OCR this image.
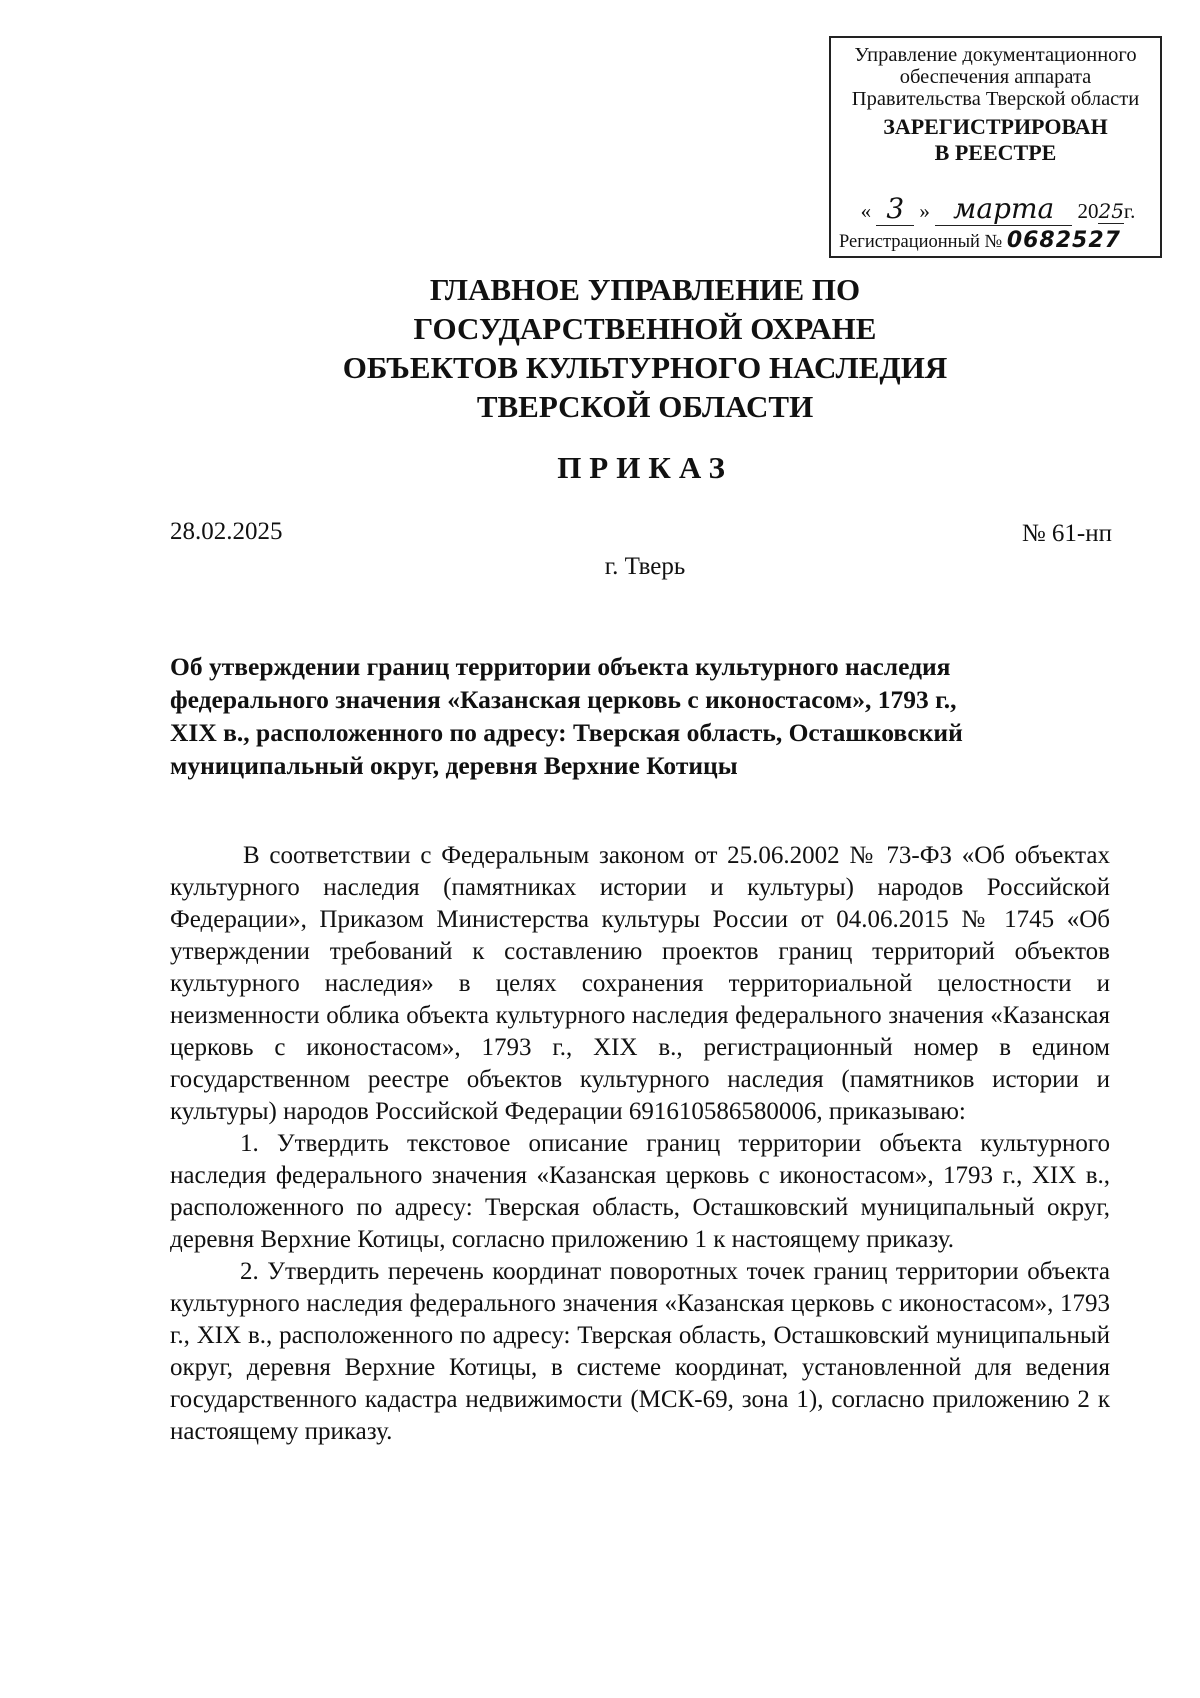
Управление документационного
обеспечения аппарата
Правительства Тверской области
ЗАРЕГИСТРИРОВАН
В РЕЕСТРЕ
« 3 » марта 2025г.
Регистрационный № 0682527
ГЛАВНОЕ УПРАВЛЕНИЕ ПО
ГОСУДАРСТВЕННОЙ ОХРАНЕ
ОБЪЕКТОВ КУЛЬТУРНОГО НАСЛЕДИЯ
ТВЕРСКОЙ ОБЛАСТИ
ПРИКАЗ
28.02.2025	№ 61-нп
г. Тверь
Об утверждении границ территории объекта культурного наследия
федерального значения «Казанская церковь с иконостасом», 1793 г.,
XIX в., расположенного по адресу: Тверская область, Осташковский
муниципальный округ, деревня Верхние Котицы

В соответствии с Федеральным законом от 25.06.2002 № 73-ФЗ «Об объектах культурного наследия (памятниках истории и культуры) народов Российской Федерации», Приказом Министерства культуры России от 04.06.2015 № 1745 «Об утверждении требований к составлению проектов границ территорий объектов культурного наследия» в целях сохранения территориальной целостности и неизменности облика объекта культурного наследия федерального значения «Казанская церковь с иконостасом», 1793 г., XIX в., регистрационный номер в едином государственном реестре объектов культурного наследия (памятников истории и культуры) народов Российской Федерации 691610586580006, приказываю:

1. Утвердить текстовое описание границ территории объекта культурного наследия федерального значения «Казанская церковь с иконостасом», 1793 г., XIX в., расположенного по адресу: Тверская область, Осташковский муниципальный округ, деревня Верхние Котицы, согласно приложению 1 к настоящему приказу.

2. Утвердить перечень координат поворотных точек границ территории объекта культурного наследия федерального значения «Казанская церковь с иконостасом», 1793 г., XIX в., расположенного по адресу: Тверская область, Осташковский муниципальный округ, деревня Верхние Котицы, в системе координат, установленной для ведения государственного кадастра недвижимости (МСК-69, зона 1), согласно приложению 2 к настоящему приказу.
